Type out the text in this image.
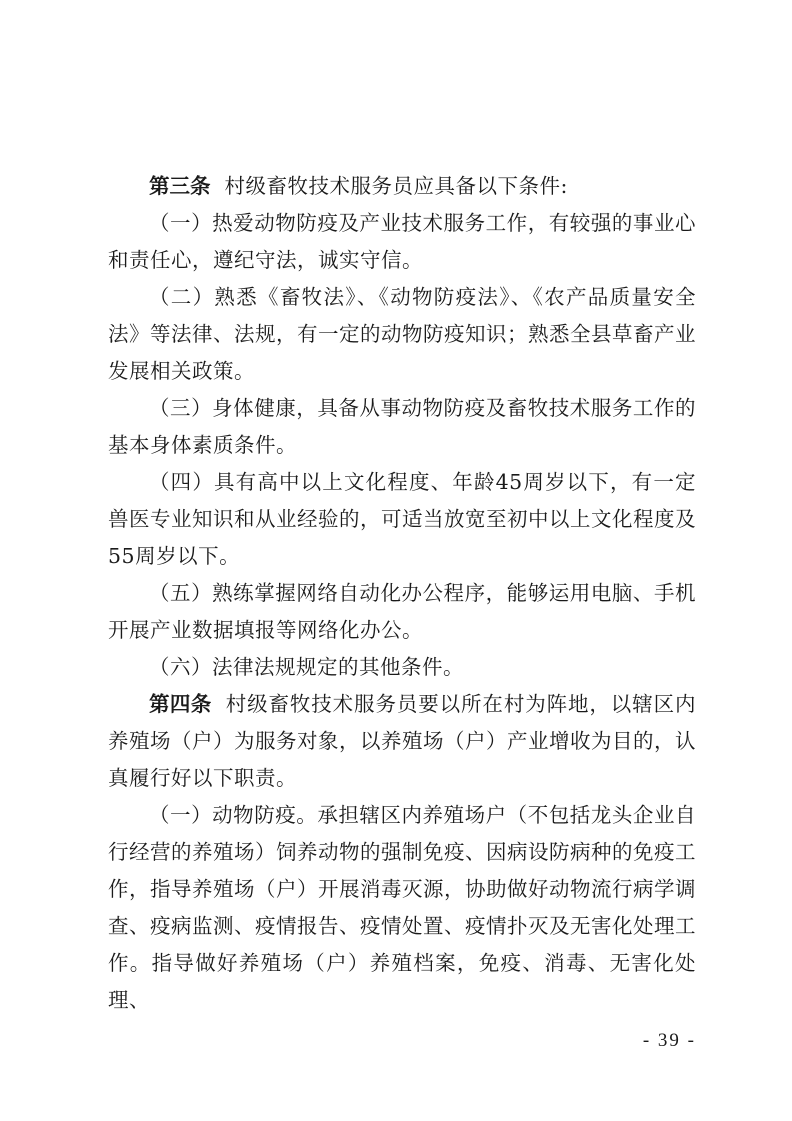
第三条 村级畜牧技术服务员应具备以下条件:

（一）热爱动物防疫及产业技术服务工作，有较强的事业心和责任心，遵纪守法，诚实守信。

（二）熟悉《畜牧法》、《动物防疫法》、《农产品质量安全法》等法律、法规，有一定的动物防疫知识；熟悉全县草畜产业发展相关政策。

（三）身体健康，具备从事动物防疫及畜牧技术服务工作的基本身体素质条件。

（四）具有高中以上文化程度、年龄45周岁以下，有一定兽医专业知识和从业经验的，可适当放宽至初中以上文化程度及55周岁以下。

（五）熟练掌握网络自动化办公程序，能够运用电脑、手机开展产业数据填报等网络化办公。

（六）法律法规规定的其他条件。

第四条 村级畜牧技术服务员要以所在村为阵地，以辖区内养殖场（户）为服务对象，以养殖场（户）产业增收为目的，认真履行好以下职责。

（一）动物防疫。承担辖区内养殖场户（不包括龙头企业自行经营的养殖场）饲养动物的强制免疫、因病设防病种的免疫工作，指导养殖场（户）开展消毒灭源，协助做好动物流行病学调查、疫病监测、疫情报告、疫情处置、疫情扑灭及无害化处理工作。指导做好养殖场（户）养殖档案，免疫、消毒、无害化处理、

- 39 -
